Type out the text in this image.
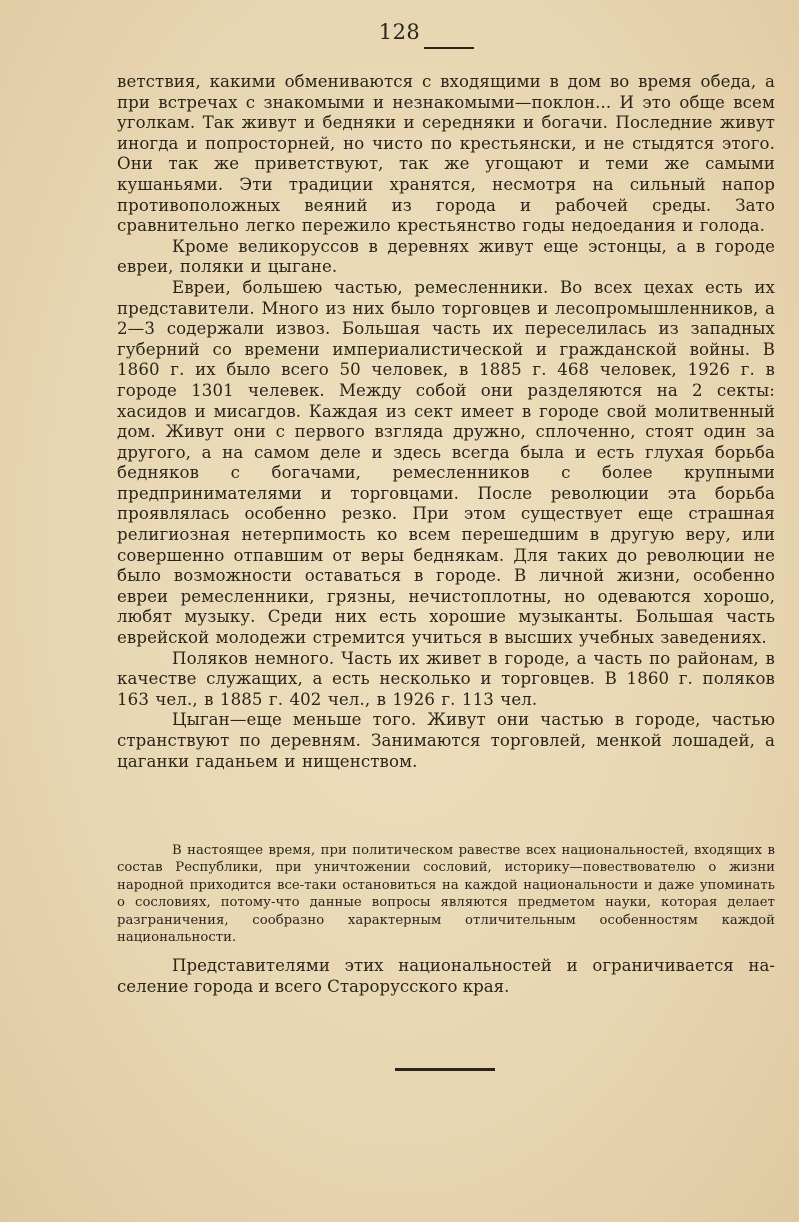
128

ветствия, какими обмениваются с входящими в дом во время обеда, а при встречах с знакомыми и незнакомыми—поклон... И это обще всем уголкам. Так живут и бедняки и середняки и богачи. Последние живут иногда и попросторней, но чисто по крестьянски, и не стыдятся этого. Они так же приветствуют, так же угощают и теми же самыми кушаньями. Эти традиции хранятся, несмотря на сильный напор противоположных веяний из города и рабочей среды. Зато сравнительно легко пережило крестьянство годы недоедания и голода.

Кроме великоруссов в деревнях живут еще эстонцы, а в городе евреи, поляки и цыгане.

Евреи, большею частью, ремесленники. Во всех цехах есть их представители. Много из них было торговцев и лесопромышленников, а 2—3 содержали извоз. Большая часть их переселилась из западных губерний со времени империалистической и гражданской войны. В 1860 г. их было всего 50 человек, в 1885 г. 468 человек, 1926 г. в городе 1301 челевек. Между собой они разделяются на 2 секты: хасидов и мисагдов. Каждая из сект имеет в городе свой молитвенный дом. Живут они с первого взгляда дружно, сплоченно, стоят один за другого, а на самом деле и здесь всегда была и есть глухая борьба бедняков с богачами, ремесленников с более крупными предпринимателями и торговцами. После революции эта борьба проявлялась особенно резко. При этом существует еще страшная религиозная нетерпимость ко всем перешедшим в другую веру, или совершенно отпавшим от веры беднякам. Для таких до революции не было возможности оставаться в городе. В личной жизни, особенно евреи ремесленники, грязны, нечистоплотны, но одеваются хорошо, любят музыку. Среди них есть хорошие музыканты. Большая часть еврейской молодежи стремится учиться в высших учебных заведениях.

Поляков немного. Часть их живет в городе, а часть по районам, в качестве служащих, а есть несколько и торговцев. В 1860 г. поляков 163 чел., в 1885 г. 402 чел., в 1926 г. 113 чел.

Цыган—еще меньше того. Живут они частью в городе, частью странствуют по деревням. Занимаются торговлей, менкой лошадей, а цаганки гаданьем и нищенством.

В настоящее время, при политическом равестве всех национальностей, входящих в состав Республики, при уничтожении сословий, историку—повествователю о жизни народной приходится все-таки остановиться на каждой национальности и даже упоминать о сословиях, потому-что данные вопросы являются предметом науки, которая делает разграничения, сообразно характерным отличительным особенностям каждой национальности.

Представителями этих национальностей и ограничивается население города и всего Старорусского края.
